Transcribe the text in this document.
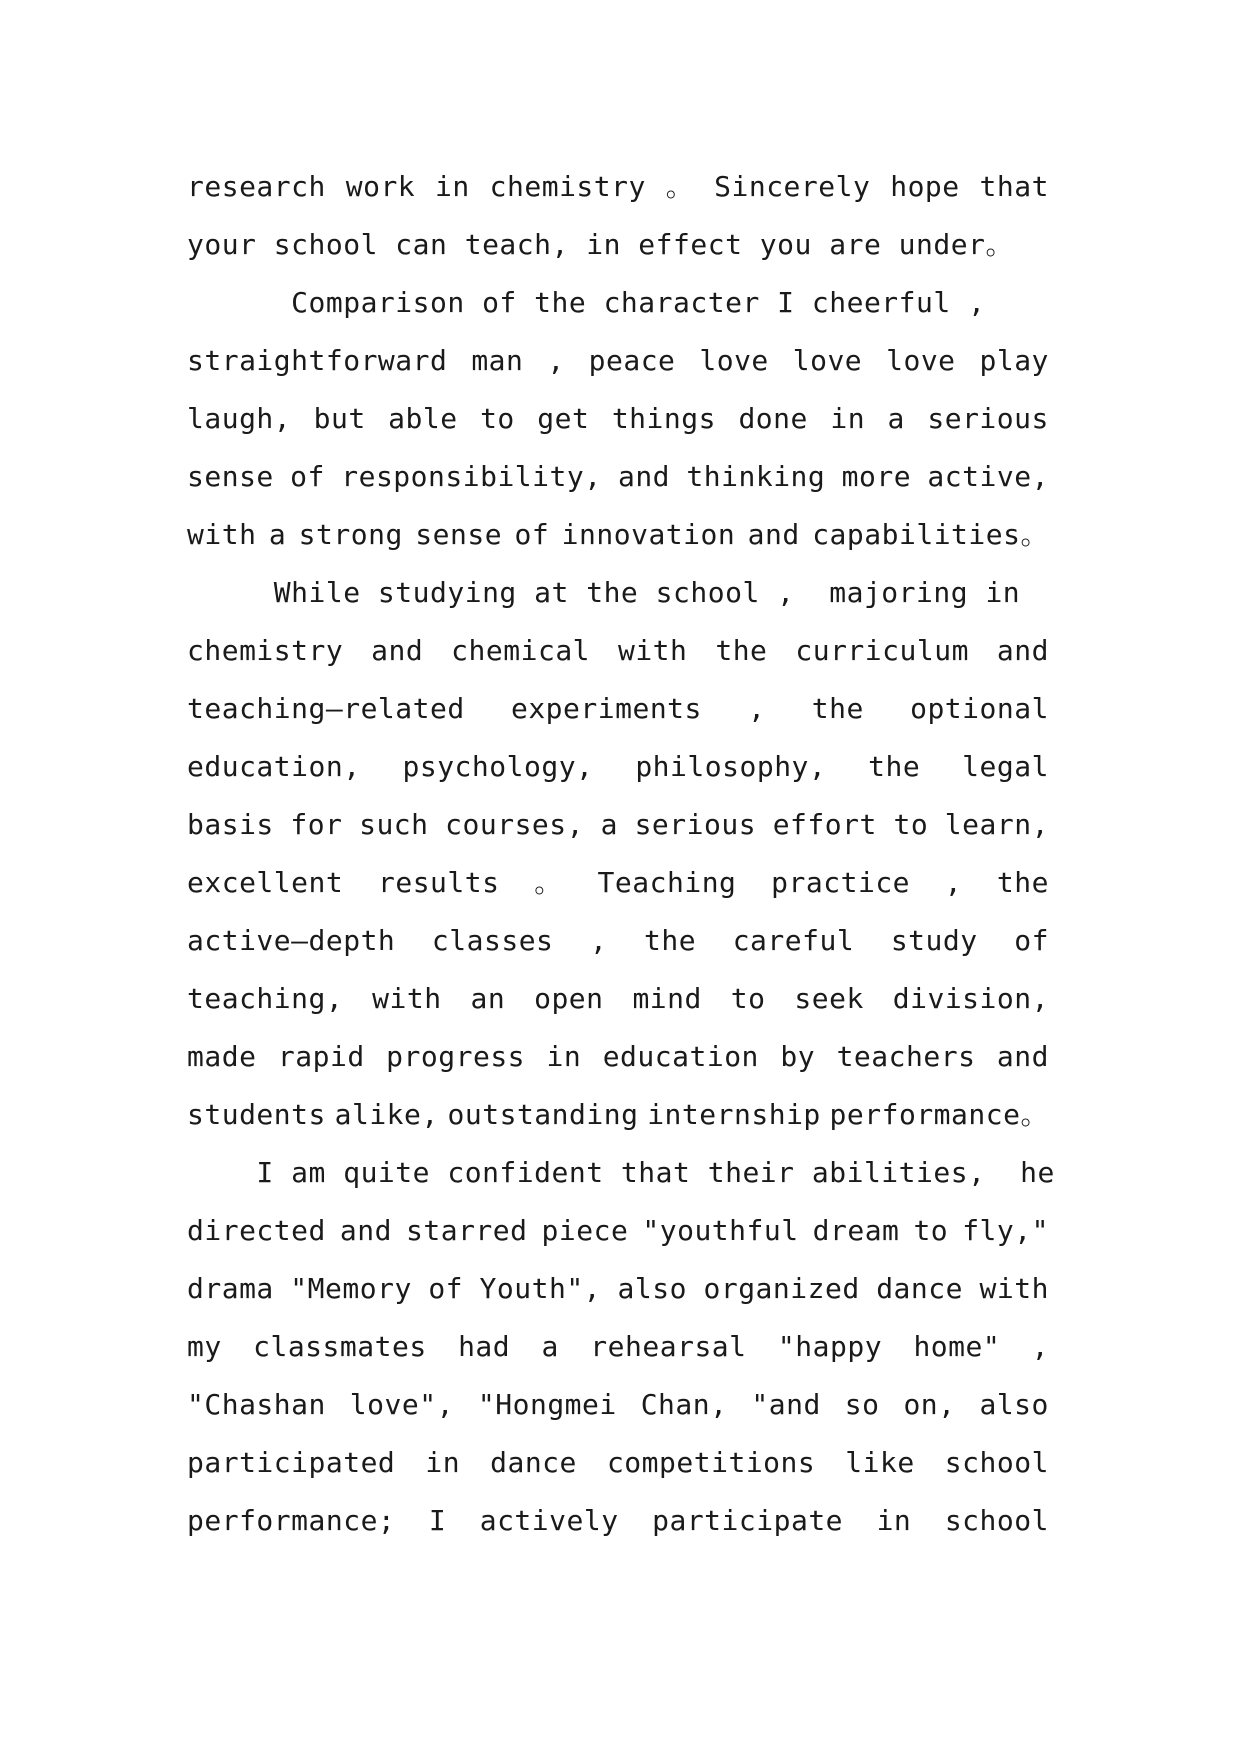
research work in chemistry 。 Sincerely hope that
your school can teach, in effect you are under。
Comparison of the character I cheerful ,
straightforward man , peace love love love play
laugh, but able to get things done in a serious
sense of responsibility, and thinking more active,
with a strong sense of innovation and capabilities。
While studying at the school ,  majoring in
chemistry and chemical with the curriculum and
teaching—related experiments , the optional
education, psychology, philosophy, the legal
basis for such courses, a serious effort to learn,
excellent results 。 Teaching practice , the
active—depth classes , the careful study of
teaching, with an open mind to seek division,
made rapid progress in education by teachers and
students alike, outstanding internship performance。
I am quite confident that their abilities,  he
directed and starred piece "youthful dream to fly,"
drama "Memory of Youth", also organized dance with
my classmates had a rehearsal "happy home" ,
"Chashan love", "Hongmei Chan, "and so on, also
participated in dance competitions like school
performance; I actively participate in school
